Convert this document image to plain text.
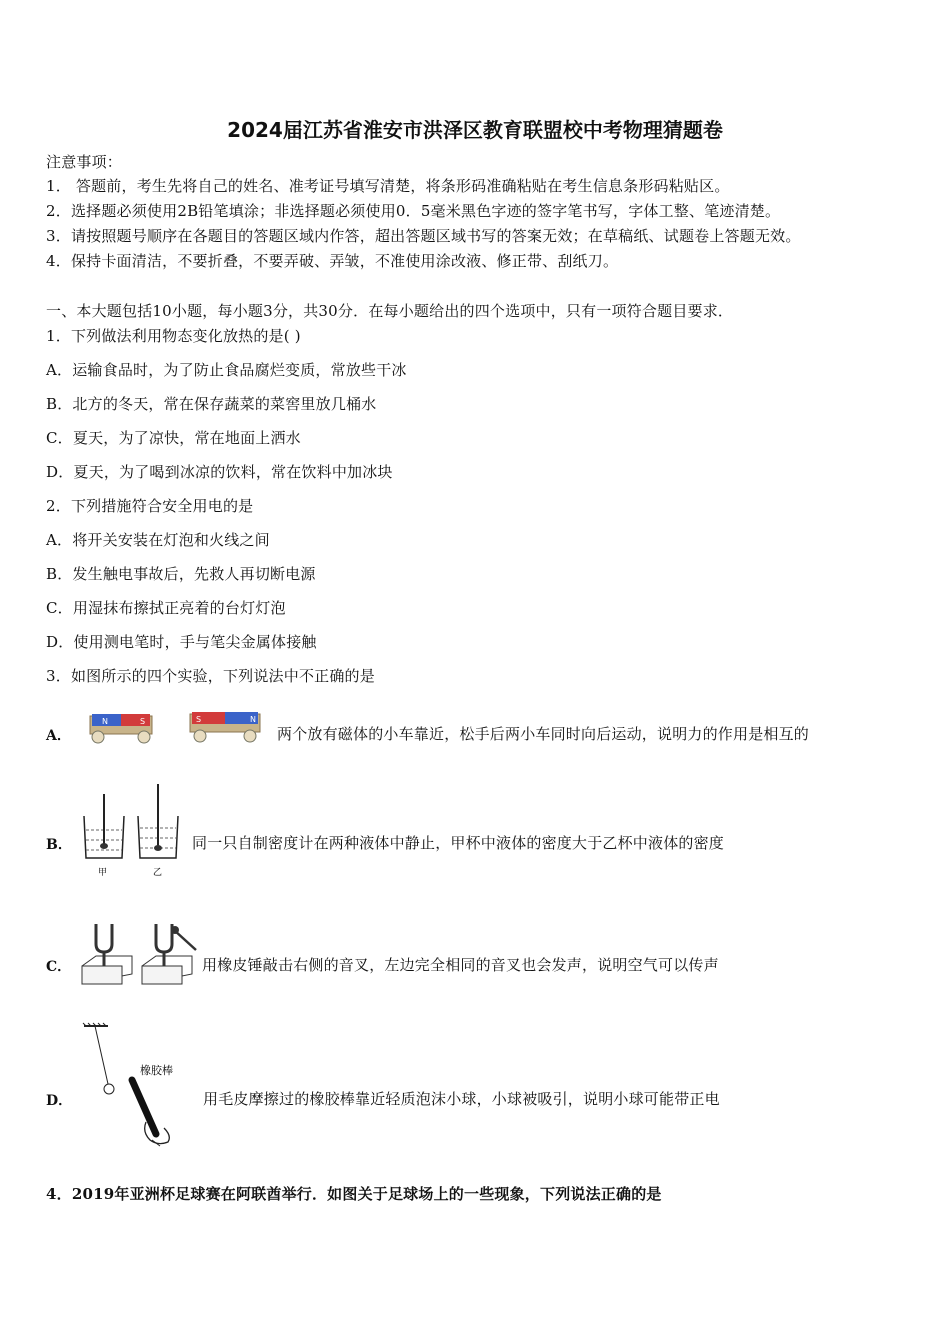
2024届江苏省淮安市洪泽区教育联盟校中考物理猜题卷
注意事项：
1． 答题前，考生先将自己的姓名、准考证号填写清楚，将条形码准确粘贴在考生信息条形码粘贴区。
2．选择题必须使用2B铅笔填涂；非选择题必须使用0．5毫米黑色字迹的签字笔书写，字体工整、笔迹清楚。
3．请按照题号顺序在各题目的答题区域内作答，超出答题区域书写的答案无效；在草稿纸、试题卷上答题无效。
4．保持卡面清洁，不要折叠，不要弄破、弄皱，不准使用涂改液、修正带、刮纸刀。
一、本大题包括10小题，每小题3分，共30分．在每小题给出的四个选项中，只有一项符合题目要求．
1．下列做法利用物态变化放热的是( )
A．运输食品时，为了防止食品腐烂变质，常放些干冰
B．北方的冬天，常在保存蔬菜的菜窖里放几桶水
C．夏天，为了凉快，常在地面上洒水
D．夏天，为了喝到冰凉的饮料，常在饮料中加冰块
2．下列措施符合安全用电的是
A．将开关安装在灯泡和火线之间
B．发生触电事故后，先救人再切断电源
C．用湿抹布擦拭正亮着的台灯灯泡
D．使用测电笔时，手与笔尖金属体接触
3．如图所示的四个实验，下列说法中不正确的是
A．
N	S	S	N
两个放有磁体的小车靠近，松手后两小车同时向后运动，说明力的作用是相互的
B．
甲	乙
同一只自制密度计在两种液体中静止，甲杯中液体的密度大于乙杯中液体的密度
C．	用橡皮锤敲击右侧的音叉，左边完全相同的音叉也会发声，说明空气可以传声
D．
橡胶棒
用毛皮摩擦过的橡胶棒靠近轻质泡沫小球，小球被吸引，说明小球可能带正电
4．2019年亚洲杯足球赛在阿联酋举行．如图关于足球场上的一些现象，下列说法正确的是
